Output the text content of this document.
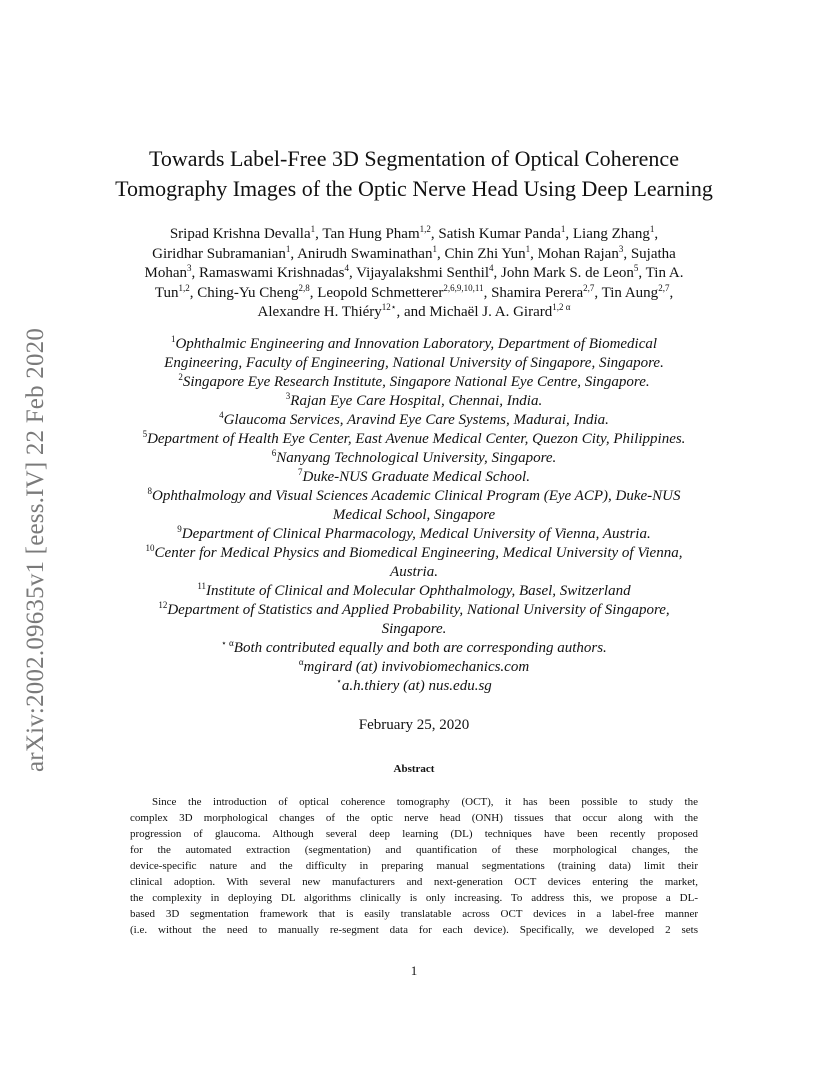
arXiv:2002.09635v1 [eess.IV] 22 Feb 2020
Towards Label-Free 3D Segmentation of Optical Coherence
Tomography Images of the Optic Nerve Head Using Deep Learning
Sripad Krishna Devalla$^1$, Tan Hung Pham$^{1,2}$, Satish Kumar Panda$^1$, Liang Zhang$^1$,
Giridhar Subramanian$^1$, Anirudh Swaminathan$^1$, Chin Zhi Yun$^1$, Mohan Rajan$^3$, Sujatha
Mohan$^3$, Ramaswami Krishnadas$^4$, Vijayalakshmi Senthil$^4$, John Mark S. de Leon$^5$, Tin A.
Tun$^{1,2}$, Ching-Yu Cheng$^{2,8}$, Leopold Schmetterer$^{2,6,9,10,11}$, Shamira Perera$^{2,7}$, Tin Aung$^{2,7}$,
Alexandre H. Thiéry$^{12⋆}$, and Michaël J. A. Girard$^{1,2 \alpha}$
$^1$Ophthalmic Engineering and Innovation Laboratory, Department of Biomedical
Engineering, Faculty of Engineering, National University of Singapore, Singapore.
$^2$Singapore Eye Research Institute, Singapore National Eye Centre, Singapore.
$^3$Rajan Eye Care Hospital, Chennai, India.
$^4$Glaucoma Services, Aravind Eye Care Systems, Madurai, India.
$^5$Department of Health Eye Center, East Avenue Medical Center, Quezon City, Philippines.
$^6$Nanyang Technological University, Singapore.
$^7$Duke-NUS Graduate Medical School.
$^8$Ophthalmology and Visual Sciences Academic Clinical Program (Eye ACP), Duke-NUS
Medical School, Singapore
$^9$Department of Clinical Pharmacology, Medical University of Vienna, Austria.
$^{10}$Center for Medical Physics and Biomedical Engineering, Medical University of Vienna,
Austria.
$^{11}$Institute of Clinical and Molecular Ophthalmology, Basel, Switzerland
$^{12}$Department of Statistics and Applied Probability, National University of Singapore,
Singapore.
$^{⋆ \alpha}$Both contributed equally and both are corresponding authors.
$^\alpha$mgirard (at) invivobiomechanics.com
⋆a.h.thiery (at) nus.edu.sg
February 25, 2020
Abstract
Since the introduction of optical coherence tomography (OCT), it has been possible to study the
complex 3D morphological changes of the optic nerve head (ONH) tissues that occur along with the
progression of glaucoma. Although several deep learning (DL) techniques have been recently proposed
for the automated extraction (segmentation) and quantification of these morphological changes, the
device-specific nature and the difficulty in preparing manual segmentations (training data) limit their
clinical adoption. With several new manufacturers and next-generation OCT devices entering the market,
the complexity in deploying DL algorithms clinically is only increasing. To address this, we propose a DL-
based 3D segmentation framework that is easily translatable across OCT devices in a label-free manner
(i.e. without the need to manually re-segment data for each device). Specifically, we developed 2 sets
1
